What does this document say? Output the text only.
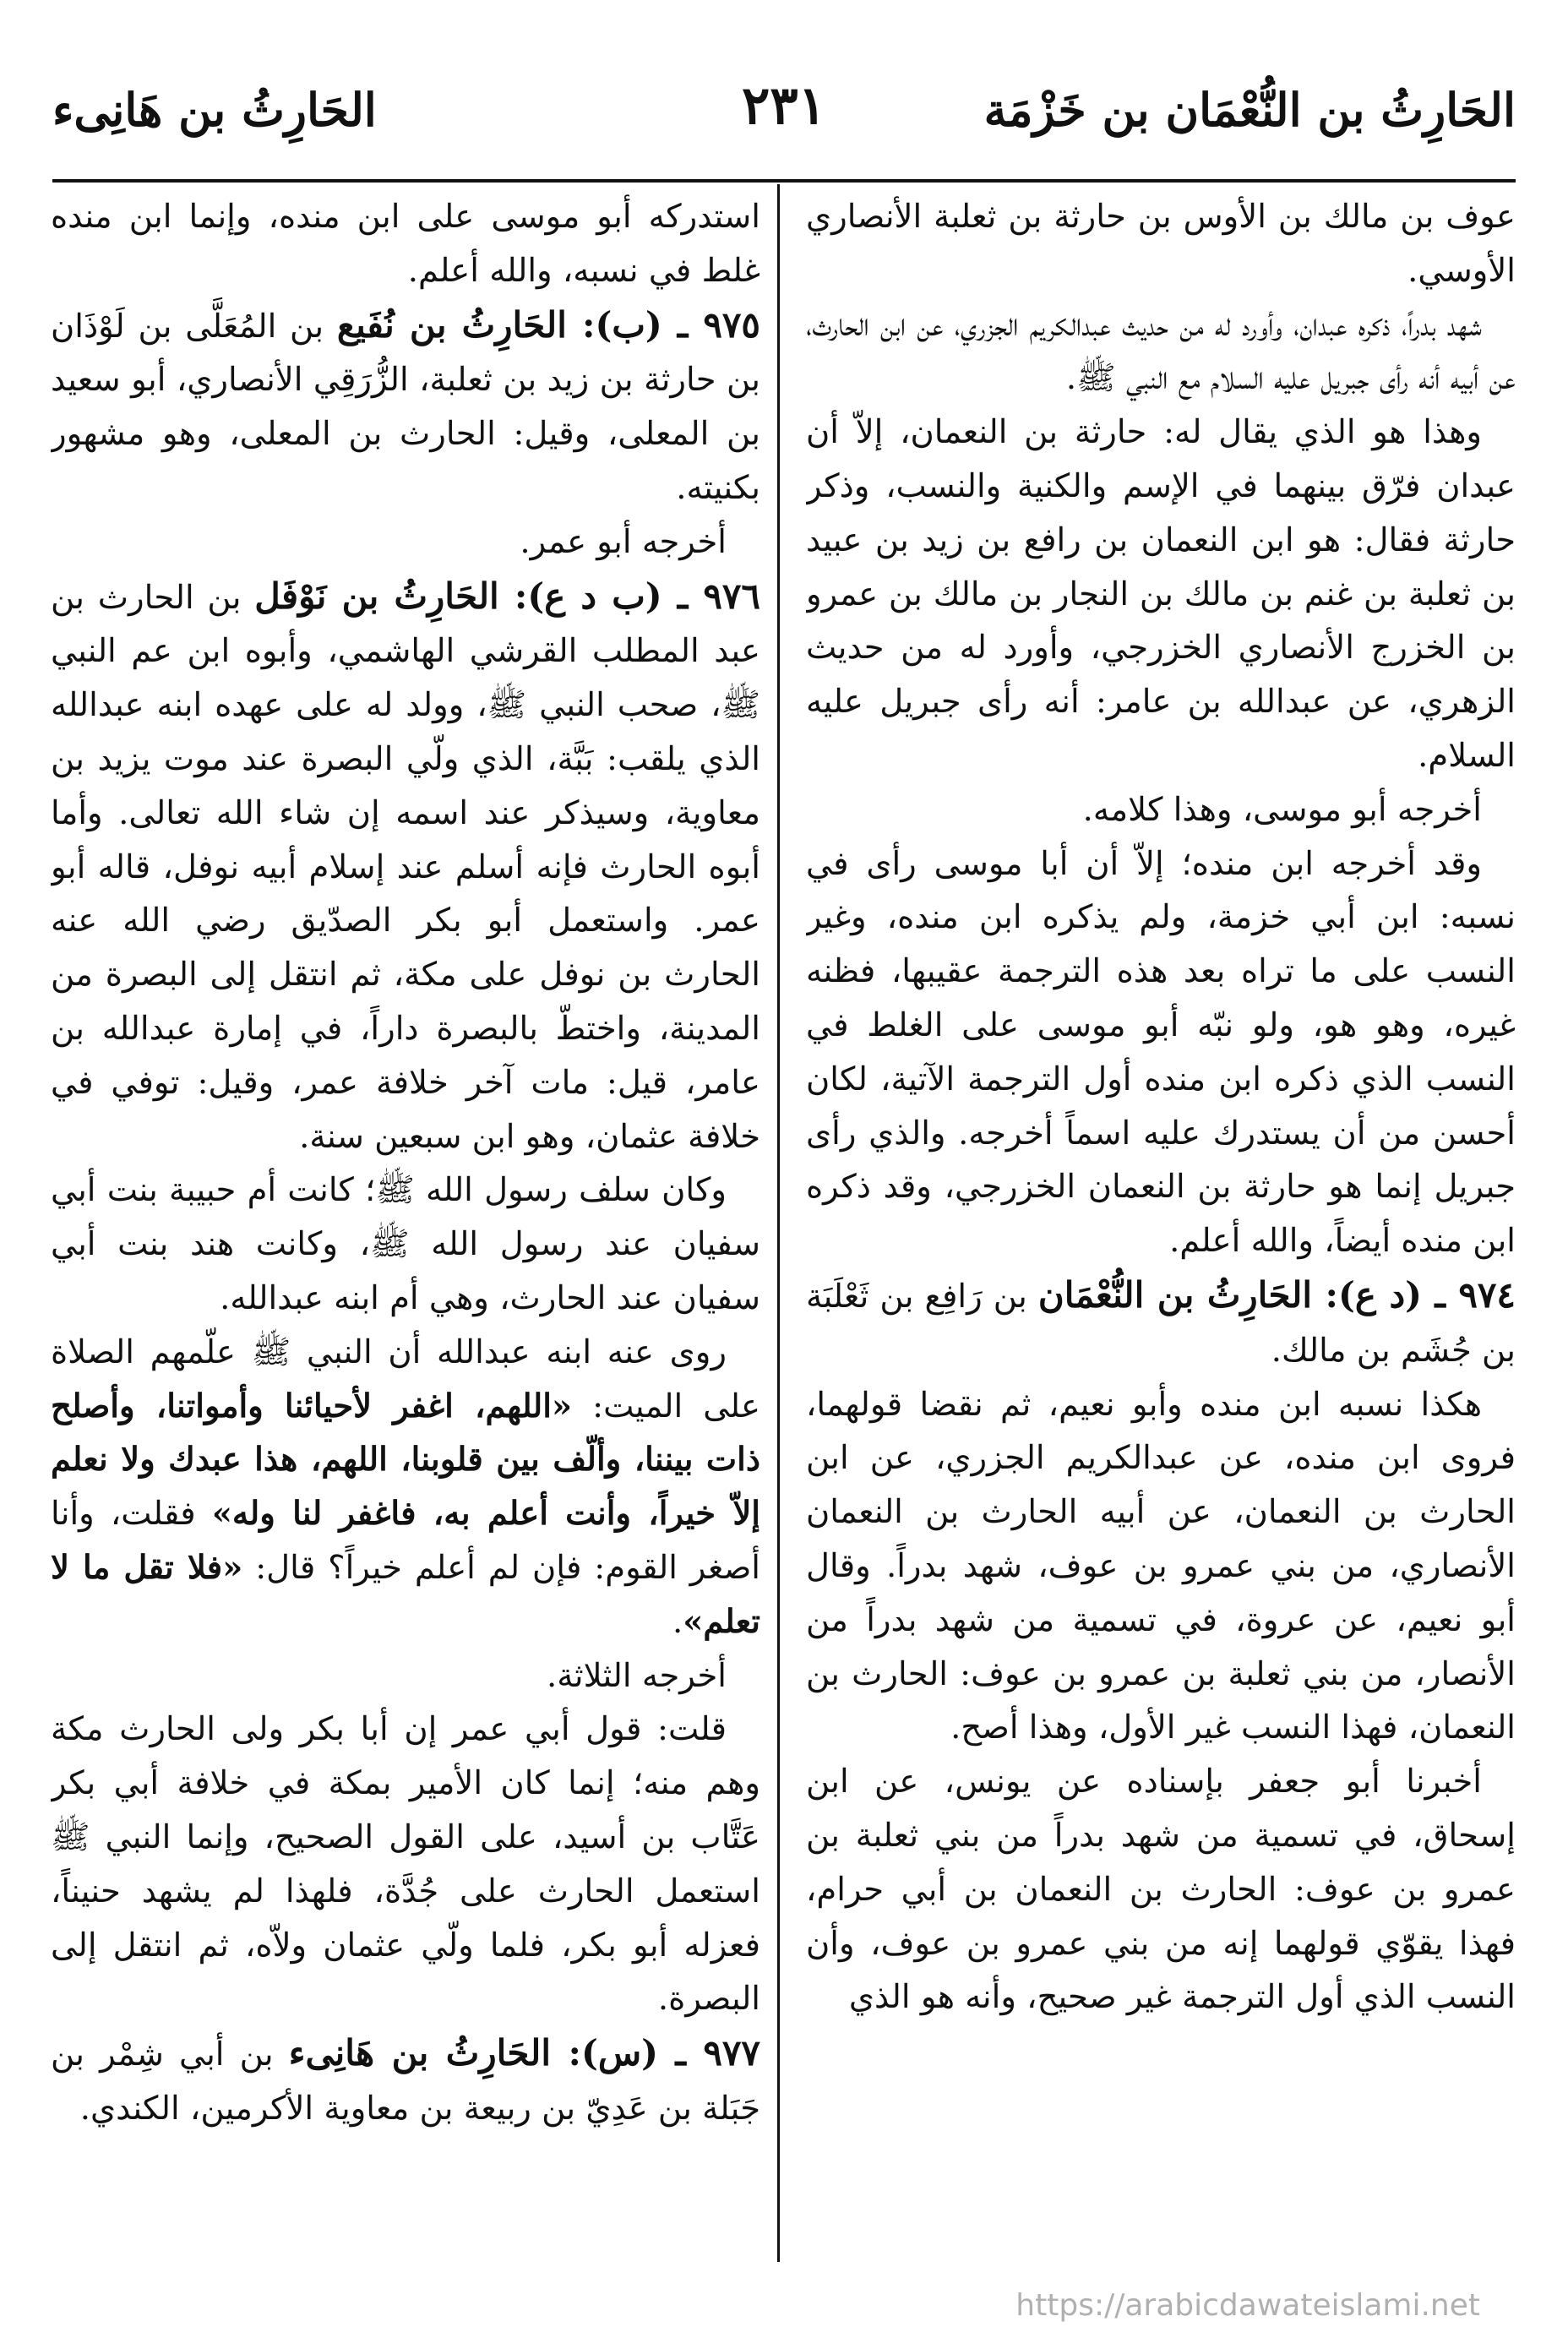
الحَارِثُ بن هَانِىء	٢٣١	الحَارِثُ بن النُّعْمَان بن خَزْمَة

عوف بن مالك بن الأوس بن حارثة بن ثعلبة الأنصاري الأوسي.

شهد بدراً، ذكره عبدان، وأورد له من حديث عبدالكريم الجزري، عن ابن الحارث، عن أبيه أنه رأى جبريل عليه السلام مع النبي ﷺ.

وهذا هو الذي يقال له: حارثة بن النعمان، إلاّ أن عبدان فرّق بينهما في الإسم والكنية والنسب، وذكر حارثة فقال: هو ابن النعمان بن رافع بن زيد بن عبيد بن ثعلبة بن غنم بن مالك بن النجار بن مالك بن عمرو بن الخزرج الأنصاري الخزرجي، وأورد له من حديث الزهري، عن عبدالله بن عامر: أنه رأى جبريل عليه السلام.

أخرجه أبو موسى، وهذا كلامه.

وقد أخرجه ابن منده؛ إلاّ أن أبا موسى رأى في نسبه: ابن أبي خزمة، ولم يذكره ابن منده، وغير النسب على ما تراه بعد هذه الترجمة عقيبها، فظنه غيره، وهو هو، ولو نبّه أبو موسى على الغلط في النسب الذي ذكره ابن منده أول الترجمة الآتية، لكان أحسن من أن يستدرك عليه اسماً أخرجه. والذي رأى جبريل إنما هو حارثة بن النعمان الخزرجي، وقد ذكره ابن منده أيضاً، والله أعلم.

٩٧٤ ـ (د ع): الحَارِثُ بن النُّعْمَان بن رَافِع بن ثَعْلَبَة بن جُشَم بن مالك.

هكذا نسبه ابن منده وأبو نعيم، ثم نقضا قولهما، فروى ابن منده، عن عبدالكريم الجزري، عن ابن الحارث بن النعمان، عن أبيه الحارث بن النعمان الأنصاري، من بني عمرو بن عوف، شهد بدراً. وقال أبو نعيم، عن عروة، في تسمية من شهد بدراً من الأنصار، من بني ثعلبة بن عمرو بن عوف: الحارث بن النعمان، فهذا النسب غير الأول، وهذا أصح.

أخبرنا أبو جعفر بإسناده عن يونس، عن ابن إسحاق، في تسمية من شهد بدراً من بني ثعلبة بن عمرو بن عوف: الحارث بن النعمان بن أبي حرام، فهذا يقوّي قولهما إنه من بني عمرو بن عوف، وأن النسب الذي أول الترجمة غير صحيح، وأنه هو الذي

استدركه أبو موسى على ابن منده، وإنما ابن منده غلط في نسبه، والله أعلم.

٩٧٥ ـ (ب): الحَارِثُ بن نُفَيع بن المُعَلَّى بن لَوْذَان بن حارثة بن زيد بن ثعلبة، الزُّرَقِي الأنصاري، أبو سعيد بن المعلى، وقيل: الحارث بن المعلى، وهو مشهور بكنيته.

أخرجه أبو عمر.

٩٧٦ ـ (ب د ع): الحَارِثُ بن نَوْفَل بن الحارث بن عبد المطلب القرشي الهاشمي، وأبوه ابن عم النبي ﷺ، صحب النبي ﷺ، وولد له على عهده ابنه عبدالله الذي يلقب: بَبَّة، الذي ولّي البصرة عند موت يزيد بن معاوية، وسيذكر عند اسمه إن شاء الله تعالى. وأما أبوه الحارث فإنه أسلم عند إسلام أبيه نوفل، قاله أبو عمر. واستعمل أبو بكر الصدّيق رضي الله عنه الحارث بن نوفل على مكة، ثم انتقل إلى البصرة من المدينة، واختطّ بالبصرة داراً، في إمارة عبدالله بن عامر، قيل: مات آخر خلافة عمر، وقيل: توفي في خلافة عثمان، وهو ابن سبعين سنة.

وكان سلف رسول الله ﷺ؛ كانت أم حبيبة بنت أبي سفيان عند رسول الله ﷺ، وكانت هند بنت أبي سفيان عند الحارث، وهي أم ابنه عبدالله.

روى عنه ابنه عبدالله أن النبي ﷺ علّمهم الصلاة على الميت: «اللهم، اغفر لأحيائنا وأمواتنا، وأصلح ذات بيننا، وألّف بين قلوبنا، اللهم، هذا عبدك ولا نعلم إلاّ خيراً، وأنت أعلم به، فاغفر لنا وله» فقلت، وأنا أصغر القوم: فإن لم أعلم خيراً؟ قال: «فلا تقل ما لا تعلم».

أخرجه الثلاثة.

قلت: قول أبي عمر إن أبا بكر ولى الحارث مكة وهم منه؛ إنما كان الأمير بمكة في خلافة أبي بكر عَتَّاب بن أسيد، على القول الصحيح، وإنما النبي ﷺ استعمل الحارث على جُدَّة، فلهذا لم يشهد حنيناً، فعزله أبو بكر، فلما ولّي عثمان ولاّه، ثم انتقل إلى البصرة.

٩٧٧ ـ (س): الحَارِثُ بن هَانِىء بن أبي شِمْر بن جَبَلة بن عَدِيّ بن ربيعة بن معاوية الأكرمين، الكندي.

https://arabicdawateislami.net
